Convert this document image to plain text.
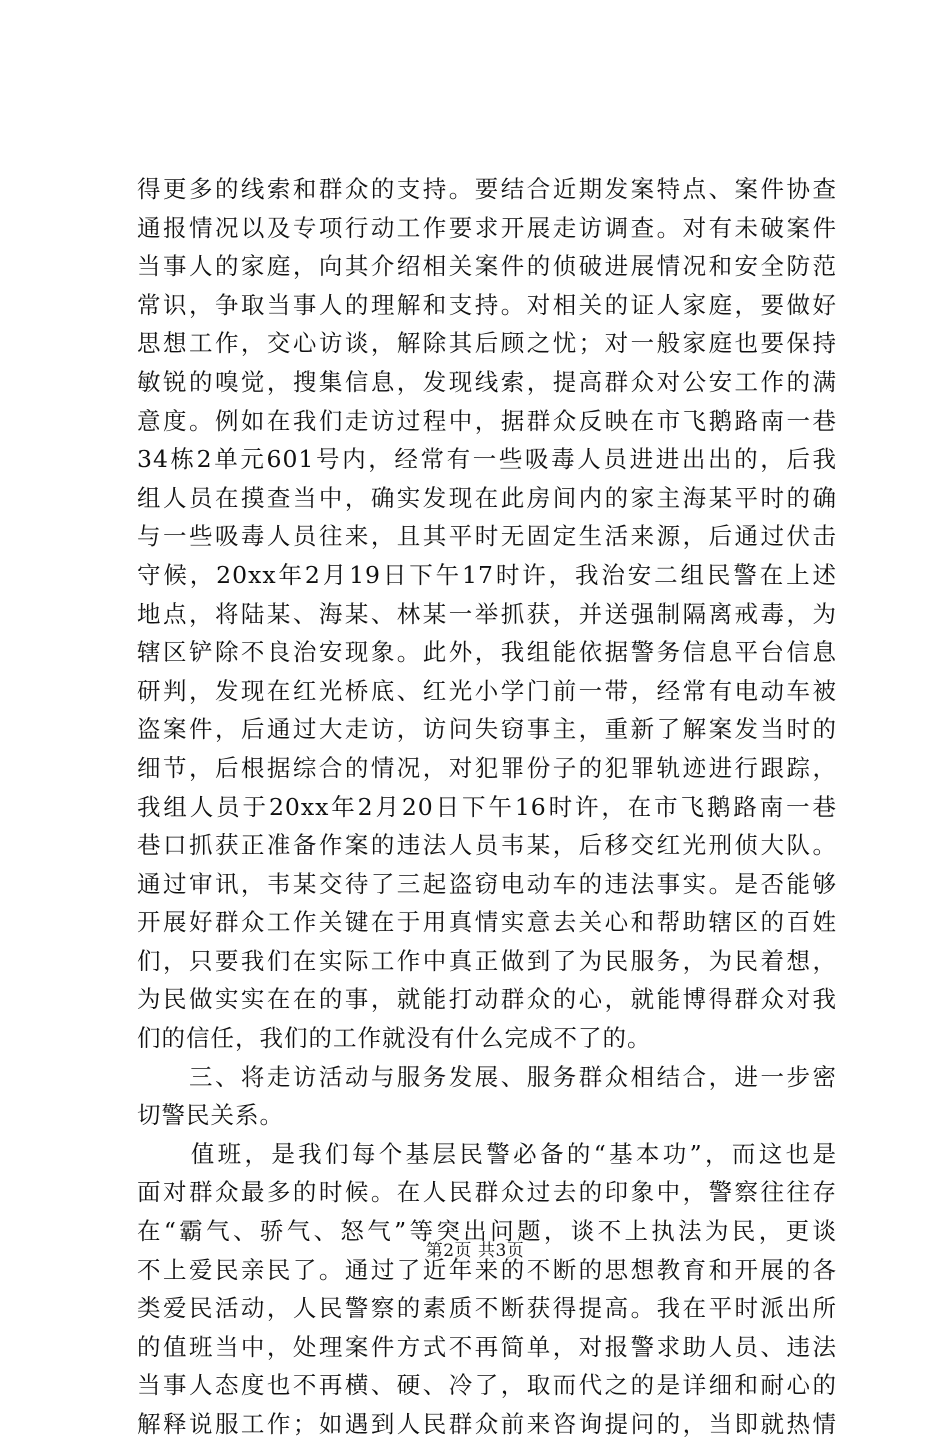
得更多的线索和群众的支持。要结合近期发案特点、案件协查
通报情况以及专项行动工作要求开展走访调查。对有未破案件
当事人的家庭，向其介绍相关案件的侦破进展情况和安全防范
常识，争取当事人的理解和支持。对相关的证人家庭，要做好
思想工作，交心访谈，解除其后顾之忧；对一般家庭也要保持
敏锐的嗅觉，搜集信息，发现线索，提高群众对公安工作的满
意度。例如在我们走访过程中，据群众反映在市飞鹅路南一巷
34栋2单元601号内，经常有一些吸毒人员进进出出的，后我
组人员在摸查当中，确实发现在此房间内的家主海某平时的确
与一些吸毒人员往来，且其平时无固定生活来源，后通过伏击
守候，20xx年2月19日下午17时许，我治安二组民警在上述
地点，将陆某、海某、林某一举抓获，并送强制隔离戒毒，为
辖区铲除不良治安现象。此外，我组能依据警务信息平台信息
研判，发现在红光桥底、红光小学门前一带，经常有电动车被
盗案件，后通过大走访，访问失窃事主，重新了解案发当时的
细节，后根据综合的情况，对犯罪份子的犯罪轨迹进行跟踪，
我组人员于20xx年2月20日下午16时许，在市飞鹅路南一巷
巷口抓获正准备作案的违法人员韦某，后移交红光刑侦大队。
通过审讯，韦某交待了三起盗窃电动车的违法事实。是否能够
开展好群众工作关键在于用真情实意去关心和帮助辖区的百姓
们，只要我们在实际工作中真正做到了为民服务，为民着想，
为民做实实在在的事，就能打动群众的心，就能博得群众对我
们的信任，我们的工作就没有什么完成不了的。
　　三、将走访活动与服务发展、服务群众相结合，进一步密
切警民关系。
　　值班，是我们每个基层民警必备的“基本功”，而这也是
面对群众最多的时候。在人民群众过去的印象中，警察往往存
在“霸气、骄气、怒气”等突出问题，谈不上执法为民，更谈
不上爱民亲民了。通过了近年来的不断的思想教育和开展的各
类爱民活动，人民警察的素质不断获得提高。我在平时派出所
的值班当中，处理案件方式不再简单，对报警求助人员、违法
当事人态度也不再横、硬、冷了，取而代之的是详细和耐心的
解释说服工作；如遇到人民群众前来咨询提问的，当即就热情
第2页 共3页
